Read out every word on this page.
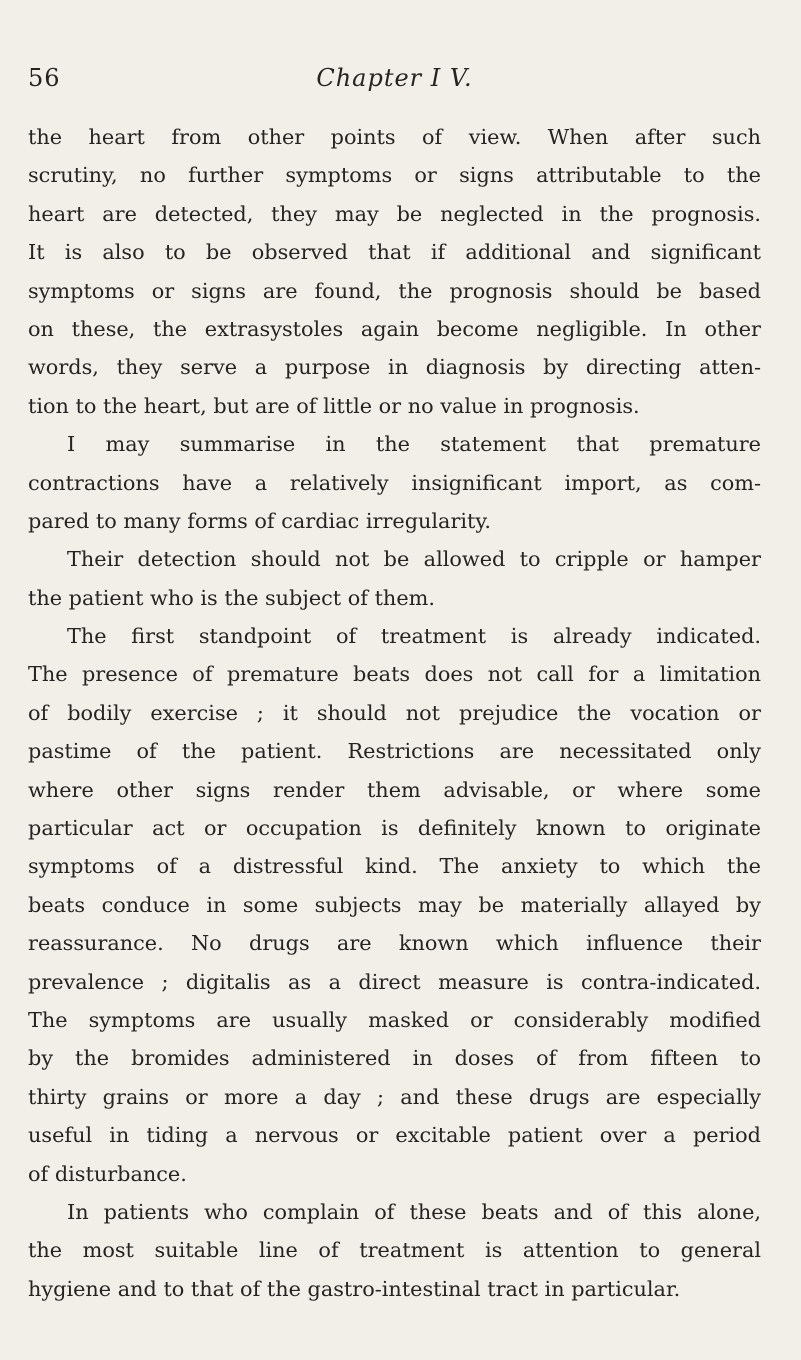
56	Chapter I V.
the heart from other points of view. When after such
scrutiny, no further symptoms or signs attributable to the
heart are detected, they may be neglected in the prognosis.
It is also to be observed that if additional and significant
symptoms or signs are found, the prognosis should be based
on these, the extrasystoles again become negligible. In other
words, they serve a purpose in diagnosis by directing atten-
tion to the heart, but are of little or no value in prognosis.
I may summarise in the statement that premature
contractions have a relatively insignificant import, as com-
pared to many forms of cardiac irregularity.
Their detection should not be allowed to cripple or hamper
the patient who is the subject of them.
The first standpoint of treatment is already indicated.
The presence of premature beats does not call for a limitation
of bodily exercise ; it should not prejudice the vocation or
pastime of the patient. Restrictions are necessitated only
where other signs render them advisable, or where some
particular act or occupation is definitely known to originate
symptoms of a distressful kind. The anxiety to which the
beats conduce in some subjects may be materially allayed by
reassurance. No drugs are known which influence their
prevalence ; digitalis as a direct measure is contra-indicated.
The symptoms are usually masked or considerably modified
by the bromides administered in doses of from fifteen to
thirty grains or more a day ; and these drugs are especially
useful in tiding a nervous or excitable patient over a period
of disturbance.
In patients who complain of these beats and of this alone,
the most suitable line of treatment is attention to general
hygiene and to that of the gastro-intestinal tract in particular.
